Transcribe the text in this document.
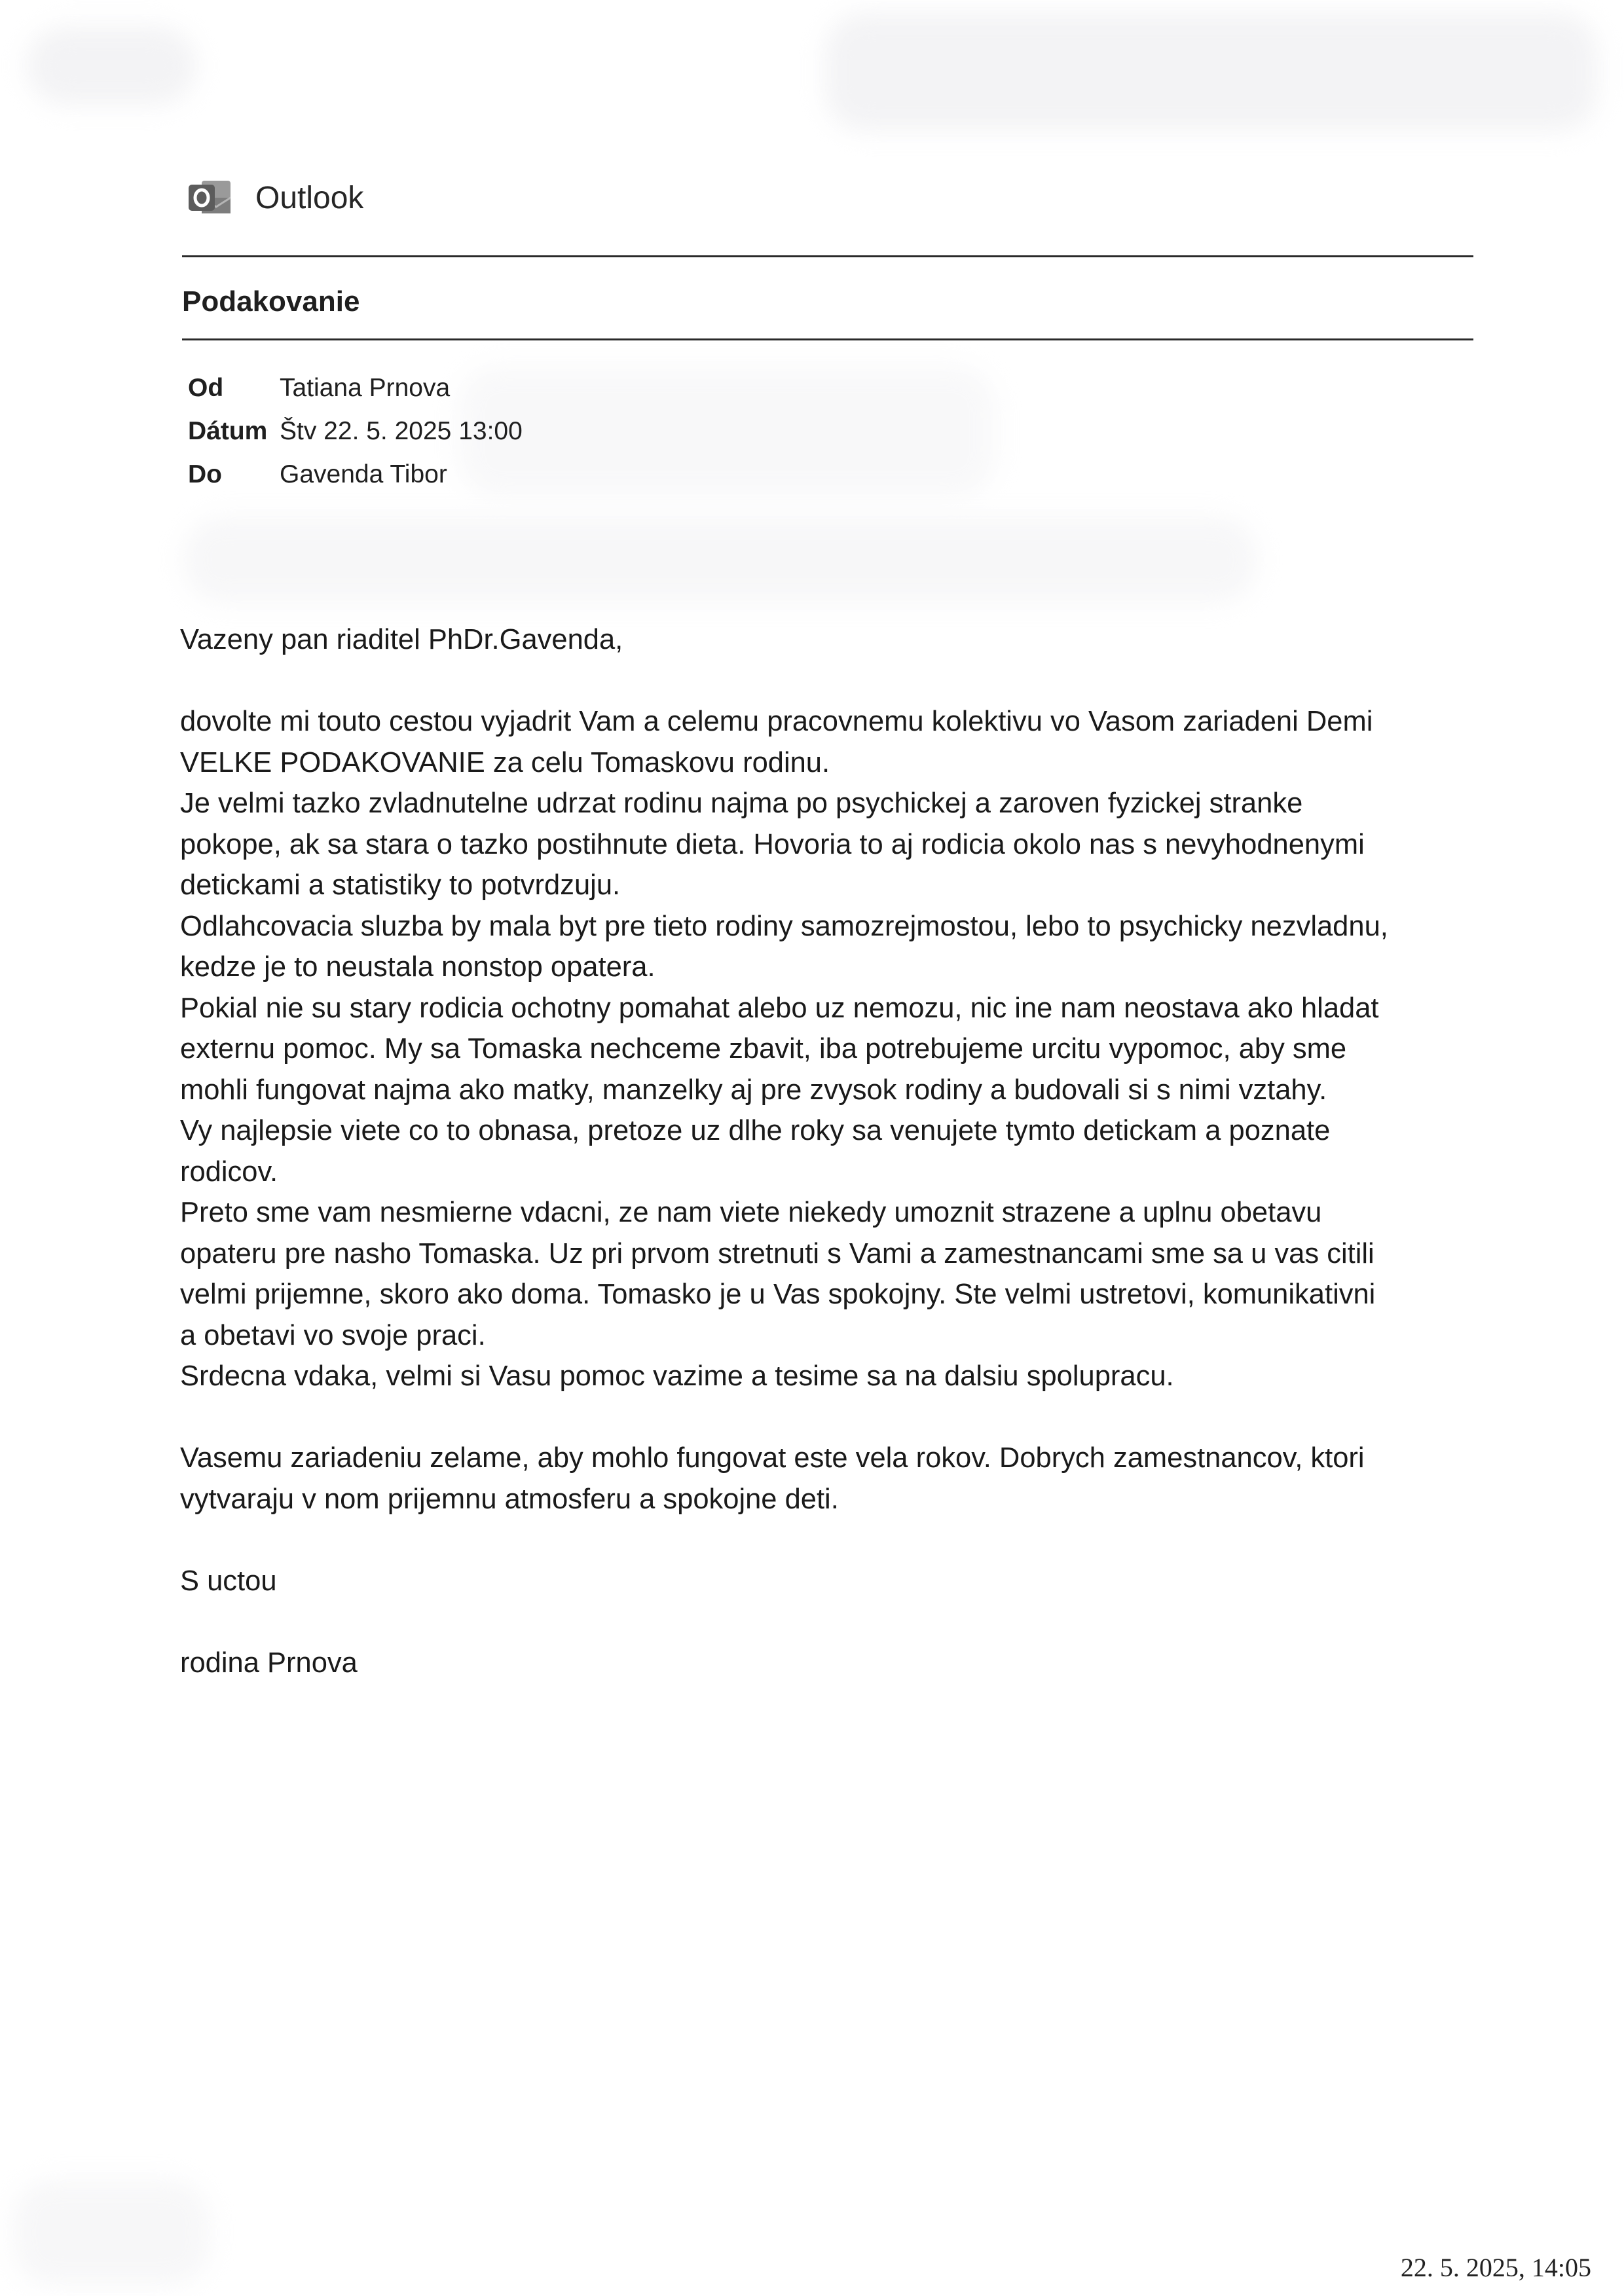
Outlook
Podakovanie
Od	Tatiana Prnova
Dátum Štv 22. 5. 2025 13:00
Do	Gavenda Tibor

Vazeny pan riaditel PhDr.Gavenda,

dovolte mi touto cestou vyjadrit Vam a celemu pracovnemu kolektivu vo Vasom zariadeni Demi
VELKE PODAKOVANIE za celu Tomaskovu rodinu.
Je velmi tazko zvladnutelne udrzat rodinu najma po psychickej a zaroven fyzickej stranke
pokope, ak sa stara o tazko postihnute dieta. Hovoria to aj rodicia okolo nas s nevyhodnenymi
detickami a statistiky to potvrdzuju.
Odlahcovacia sluzba by mala byt pre tieto rodiny samozrejmostou, lebo to psychicky nezvladnu,
kedze je to neustala nonstop opatera.
Pokial nie su stary rodicia ochotny pomahat alebo uz nemozu, nic ine nam neostava ako hladat
externu pomoc. My sa Tomaska nechceme zbavit, iba potrebujeme urcitu vypomoc, aby sme
mohli fungovat najma ako matky, manzelky aj pre zvysok rodiny a budovali si s nimi vztahy.
Vy najlepsie viete co to obnasa, pretoze uz dlhe roky sa venujete tymto detickam a poznate
rodicov.
Preto sme vam nesmierne vdacni, ze nam viete niekedy umoznit strazene a uplnu obetavu
opateru pre nasho Tomaska. Uz pri prvom stretnuti s Vami a zamestnancami sme sa u vas citili
velmi prijemne, skoro ako doma. Tomasko je u Vas spokojny. Ste velmi ustretovi, komunikativni
a obetavi vo svoje praci.
Srdecna vdaka, velmi si Vasu pomoc vazime a tesime sa na dalsiu spolupracu.

Vasemu zariadeniu zelame, aby mohlo fungovat este vela rokov. Dobrych zamestnancov, ktori
vytvaraju v nom prijemnu atmosferu a spokojne deti.

S uctou

rodina Prnova

22. 5. 2025, 14:05
